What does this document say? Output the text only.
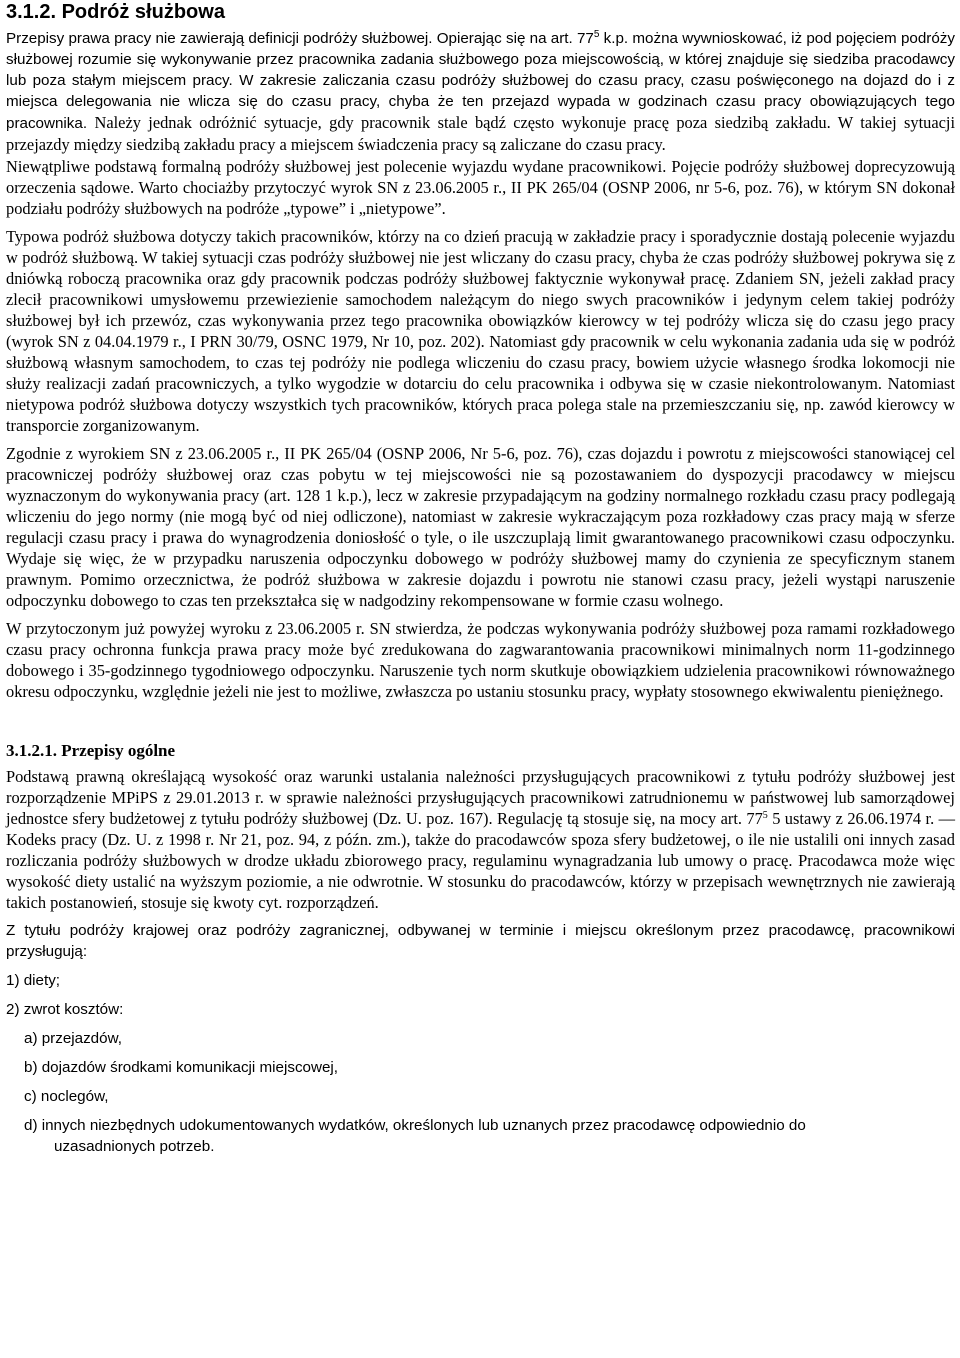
3.1.2. Podróż służbowa

Przepisy prawa pracy nie zawierają definicji podróży służbowej. Opierając się na art. $77^5$ k.p. można wywnioskować, iż pod pojęciem podróży służbowej rozumie się wykonywanie przez pracownika zadania służbowego poza miejscowością, w której znajduje się siedziba pracodawcy lub poza stałym miejscem pracy. W zakresie zaliczania czasu podróży służbowej do czasu pracy, czasu poświęconego na dojazd do i z miejsca delegowania nie wlicza się do czasu pracy, chyba że ten przejazd wypada w godzinach czasu pracy obowiązujących tego pracownika. Należy jednak odróżnić sytuacje, gdy pracownik stale bądź często wykonuje pracę poza siedzibą zakładu. W takiej sytuacji przejazdy między siedzibą zakładu pracy a miejscem świadczenia pracy są zaliczane do czasu pracy.

Niewątpliwe podstawą formalną podróży służbowej jest polecenie wyjazdu wydane pracownikowi. Pojęcie podróży służbowej doprecyzowują orzeczenia sądowe. Warto chociażby przytoczyć wyrok SN z 23.06.2005 r., II PK 265/04 (OSNP 2006, nr 5-6, poz. 76), w którym SN dokonał podziału podróży służbowych na podróże „typowe” i „nietypowe”.

Typowa podróż służbowa dotyczy takich pracowników, którzy na co dzień pracują w zakładzie pracy i sporadycznie dostają polecenie wyjazdu w podróż służbową. W takiej sytuacji czas podróży służbowej nie jest wliczany do czasu pracy, chyba że czas podróży służbowej pokrywa się z dniówką roboczą pracownika oraz gdy pracownik podczas podróży służbowej faktycznie wykonywał pracę. Zdaniem SN, jeżeli zakład pracy zlecił pracownikowi umysłowemu przewiezienie samochodem należącym do niego swych pracowników i jedynym celem takiej podróży służbowej był ich przewóz, czas wykonywania przez tego pracownika obowiązków kierowcy w tej podróży wlicza się do czasu jego pracy (wyrok SN z 04.04.1979 r., I PRN 30/79, OSNC 1979, Nr 10, poz. 202). Natomiast gdy pracownik w celu wykonania zadania uda się w podróż służbową własnym samochodem, to czas tej podróży nie podlega wliczeniu do czasu pracy, bowiem użycie własnego środka lokomocji nie służy realizacji zadań pracowniczych, a tylko wygodzie w dotarciu do celu pracownika i odbywa się w czasie niekontrolowanym. Natomiast nietypowa podróż służbowa dotyczy wszystkich tych pracowników, których praca polega stale na przemieszczaniu się, np. zawód kierowcy w transporcie zorganizowanym.

Zgodnie z wyrokiem SN z 23.06.2005 r., II PK 265/04 (OSNP 2006, Nr 5-6, poz. 76), czas dojazdu i powrotu z miejscowości stanowiącej cel pracowniczej podróży służbowej oraz czas pobytu w tej miejscowości nie są pozostawaniem do dyspozycji pracodawcy w miejscu wyznaczonym do wykonywania pracy (art. 128 1 k.p.), lecz w zakresie przypadającym na godziny normalnego rozkładu czasu pracy podlegają wliczeniu do jego normy (nie mogą być od niej odliczone), natomiast w zakresie wykraczającym poza rozkładowy czas pracy mają w sferze regulacji czasu pracy i prawa do wynagrodzenia doniosłość o tyle, o ile uszczuplają limit gwarantowanego pracownikowi czasu odpoczynku. Wydaje się więc, że w przypadku naruszenia odpoczynku dobowego w podróży służbowej mamy do czynienia ze specyficznym stanem prawnym. Pomimo orzecznictwa, że podróż służbowa w zakresie dojazdu i powrotu nie stanowi czasu pracy, jeżeli wystąpi naruszenie odpoczynku dobowego to czas ten przekształca się w nadgodziny rekompensowane w formie czasu wolnego.

W przytoczonym już powyżej wyroku z 23.06.2005 r. SN stwierdza, że podczas wykonywania podróży służbowej poza ramami rozkładowego czasu pracy ochronna funkcja prawa pracy może być zredukowana do zagwarantowania pracownikowi minimalnych norm 11-godzinnego dobowego i 35-godzinnego tygodniowego odpoczynku. Naruszenie tych norm skutkuje obowiązkiem udzielenia pracownikowi równoważnego okresu odpoczynku, względnie jeżeli nie jest to możliwe, zwłaszcza po ustaniu stosunku pracy, wypłaty stosownego ekwiwalentu pieniężnego.

3.1.2.1. Przepisy ogólne

Podstawą prawną określającą wysokość oraz warunki ustalania należności przysługujących pracownikowi z tytułu podróży służbowej jest rozporządzenie MPiPS z 29.01.2013 r. w sprawie należności przysługujących pracownikowi zatrudnionemu w państwowej lub samorządowej jednostce sfery budżetowej z tytułu podróży służbowej (Dz. U. poz. 167). Regulację tą stosuje się, na mocy art. $77^5$ 5 ustawy z 26.06.1974 r. — Kodeks pracy (Dz. U. z 1998 r. Nr 21, poz. 94, z późn. zm.), także do pracodawców spoza sfery budżetowej, o ile nie ustalili oni innych zasad rozliczania podróży służbowych w drodze układu zbiorowego pracy, regulaminu wynagradzania lub umowy o pracę. Pracodawca może więc wysokość diety ustalić na wyższym poziomie, a nie odwrotnie. W stosunku do pracodawców, którzy w przepisach wewnętrznych nie zawierają takich postanowień, stosuje się kwoty cyt. rozporządzeń.

Z tytułu podróży krajowej oraz podróży zagranicznej, odbywanej w terminie i miejscu określonym przez pracodawcę, pracownikowi przysługują:

1) diety;
2) zwrot kosztów:
a) przejazdów,
b) dojazdów środkami komunikacji miejscowej,
c) noclegów,
d) innych niezbędnych udokumentowanych wydatków, określonych lub uznanych przez pracodawcę odpowiednio do
uzasadnionych potrzeb.
